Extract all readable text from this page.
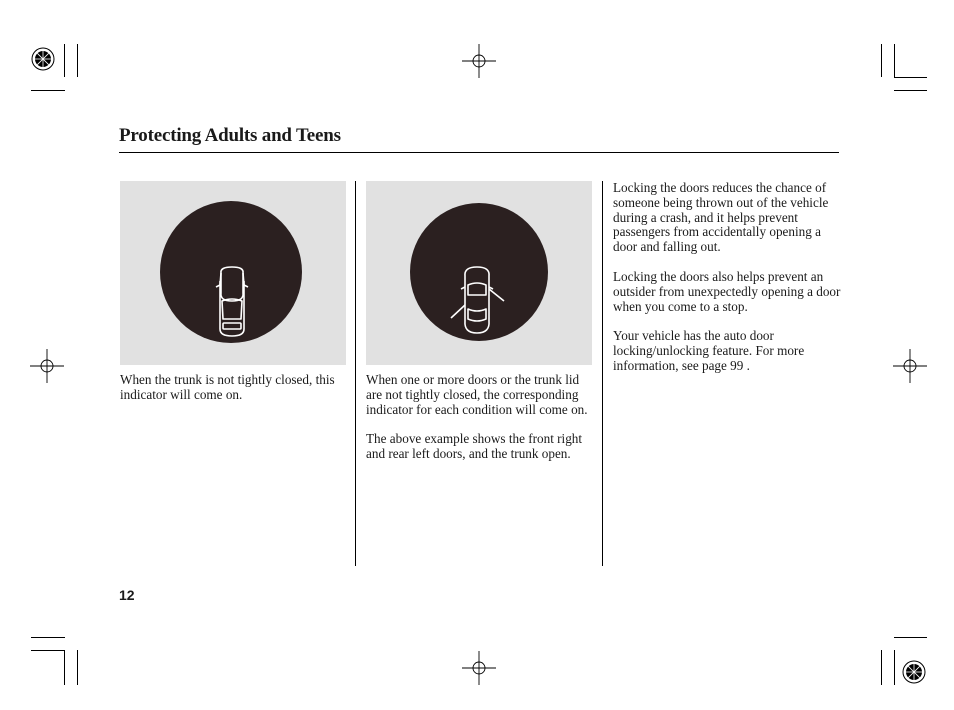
Protecting Adults and Teens

When the trunk is not tightly closed, this indicator will come on.

When one or more doors or the trunk lid are not tightly closed, the corresponding indicator for each condition will come on.

The above example shows the front right and rear left doors, and the trunk open.

Locking the doors reduces the chance of someone being thrown out of the vehicle during a crash, and it helps prevent passengers from accidentally opening a door and falling out.

Locking the doors also helps prevent an outsider from unexpectedly opening a door when you come to a stop.

Your vehicle has the auto door locking/unlocking feature. For more information, see page 99 .

12
